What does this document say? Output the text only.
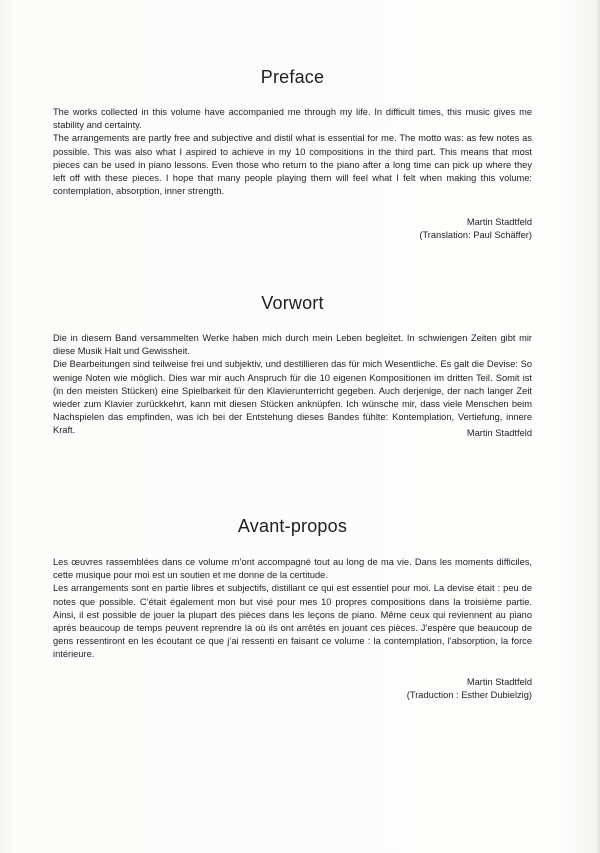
Preface

The works collected in this volume have accompanied me through my life. In difficult times, this music gives me stability and certainty.

The arrangements are partly free and subjective and distil what is essential for me. The motto was: as few notes as possible. This was also what I aspired to achieve in my 10 compositions in the third part. This means that most pieces can be used in piano lessons. Even those who return to the piano after a long time can pick up where they left off with these pieces. I hope that many people playing them will feel what I felt when making this volume: contemplation, absorption, inner strength.

Martin Stadtfeld

(Translation: Paul Schäffer)

Vorwort

Die in diesem Band versammelten Werke haben mich durch mein Leben begleitet. In schwierigen Zeiten gibt mir diese Musik Halt und Gewissheit.

Die Bearbeitungen sind teilweise frei und subjektiv, und destillieren das für mich Wesentliche. Es galt die Devise: So wenige Noten wie möglich. Dies war mir auch Anspruch für die 10 eigenen Kompositionen im dritten Teil. Somit ist (in den meisten Stücken) eine Spielbarkeit für den Klavierunterricht gegeben. Auch derjenige, der nach langer Zeit wieder zum Klavier zurückkehrt, kann mit diesen Stücken anknüpfen. Ich wünsche mir, dass viele Menschen beim Nachspielen das empfinden, was ich bei der Entstehung dieses Bandes fühlte: Kontemplation, Vertiefung, innere Kraft.	Martin Stadtfeld

Avant-propos

Les œuvres rassemblées dans ce volume m’ont accompagné tout au long de ma vie. Dans les moments difficiles, cette musique pour moi est un soutien et me donne de la certitude.

Les arrangements sont en partie libres et subjectifs, distillant ce qui est essentiel pour moi. La devise était : peu de notes que possible. C’était également mon but visé pour mes 10 propres compositions dans la troisième partie. Ainsi, il est possible de jouer la plupart des pièces dans les leçons de piano. Même ceux qui reviennent au piano après beaucoup de temps peuvent reprendre là où ils ont arrêtés en jouant ces pièces. J’espère que beaucoup de gens ressentiront en les écoutant ce que j’ai ressenti en faisant ce volume : la contemplation, l’absorption, la force intérieure.

Martin Stadtfeld

(Traduction : Esther Dubielzig)
